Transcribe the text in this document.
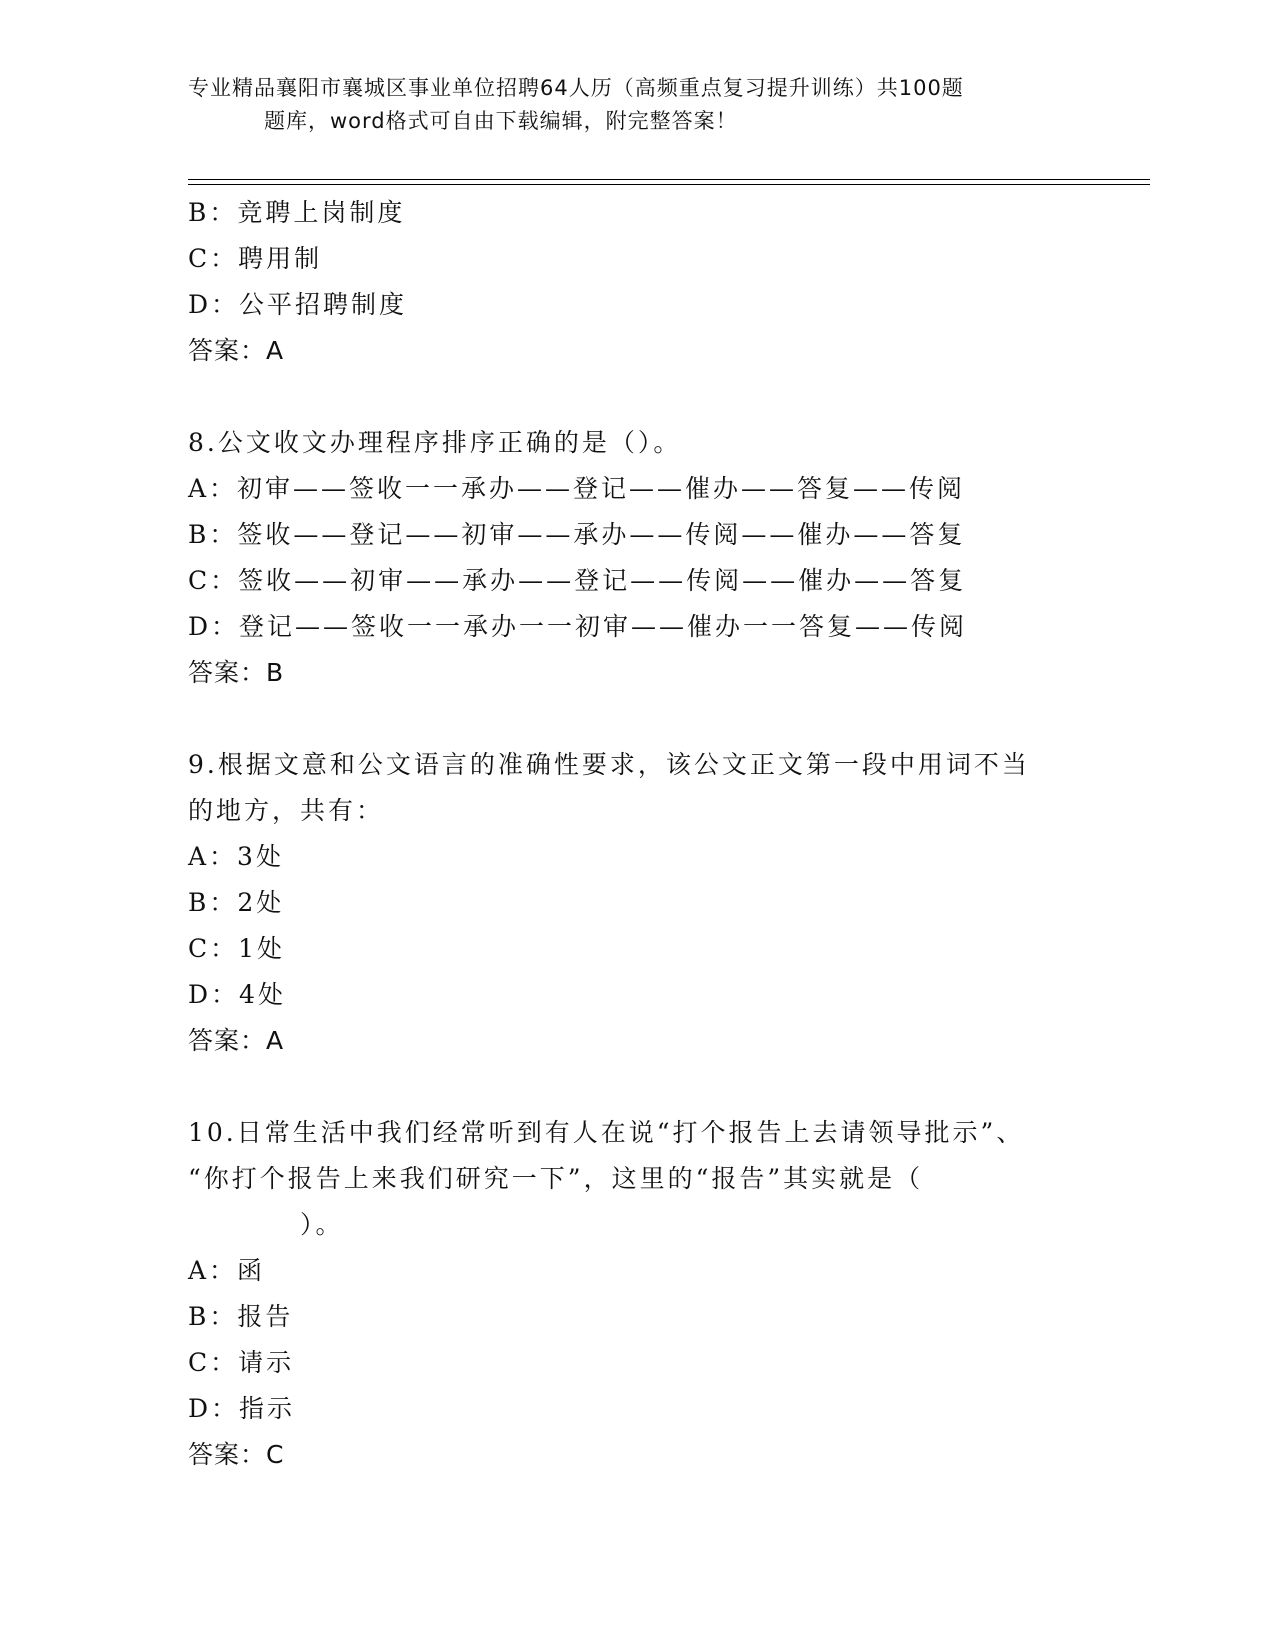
专业精品襄阳市襄城区事业单位招聘64人历（高频重点复习提升训练）共100题
题库，word格式可自由下载编辑，附完整答案！
B：竞聘上岗制度
C：聘用制
D：公平招聘制度
答案：A
8.公文收文办理程序排序正确的是（）。
A：初审——签收一一承办——登记——催办——答复——传阅
B：签收——登记——初审——承办——传阅——催办——答复
C：签收——初审——承办——登记——传阅——催办——答复
D：登记——签收一一承办一一初审——催办一一答复——传阅
答案：B
9.根据文意和公文语言的准确性要求，该公文正文第一段中用词不当
的地方，共有：
A：3处
B：2处
C：1处
D：4处
答案：A
10.日常生活中我们经常听到有人在说“打个报告上去请领导批示”、
“你打个报告上来我们研究一下”，这里的“报告”其实就是（
）。
A：函
B：报告
C：请示
D：指示
答案：C
